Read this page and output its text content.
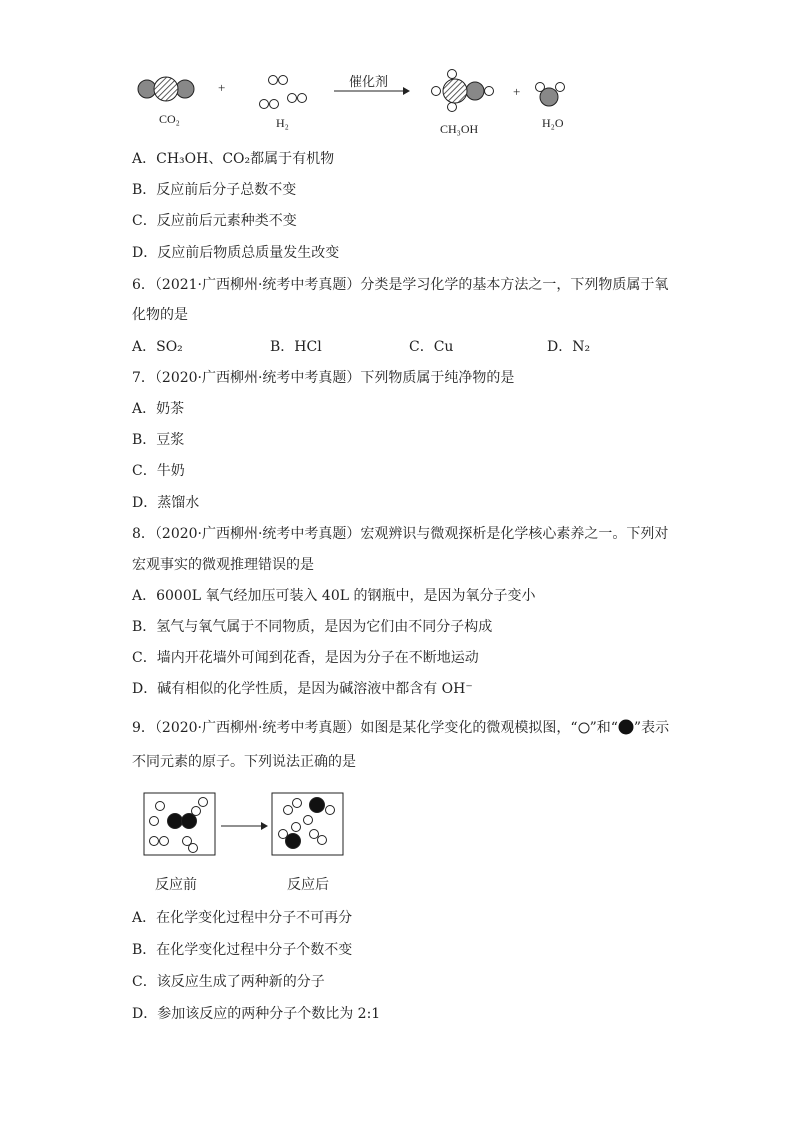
CO₂
+
H₂
催化剂
CH₃OH
+
H₂O
A．CH₃OH、CO₂都属于有机物
B．反应前后分子总数不变
C．反应前后元素种类不变
D．反应前后物质总质量发生改变
6．（2021·广西柳州·统考中考真题）分类是学习化学的基本方法之一，下列物质属于氧
化物的是
A．SO₂	B．HCl	C．Cu	D．N₂
7．（2020·广西柳州·统考中考真题）下列物质属于纯净物的是
A．奶茶
B．豆浆
C．牛奶
D．蒸馏水
8．（2020·广西柳州·统考中考真题）宏观辨识与微观探析是化学核心素养之一。下列对
宏观事实的微观推理错误的是
A．6000L 氧气经加压可装入 40L 的钢瓶中，是因为氧分子变小
B．氢气与氧气属于不同物质，是因为它们由不同分子构成
C．墙内开花墙外可闻到花香，是因为分子在不断地运动
D．碱有相似的化学性质，是因为碱溶液中都含有 OH⁻
9．（2020·广西柳州·统考中考真题）如图是某化学变化的微观模拟图，“ ”和“ ”表示
不同元素的原子。下列说法正确的是
反应前	反应后
A．在化学变化过程中分子不可再分
B．在化学变化过程中分子个数不变
C．该反应生成了两种新的分子
D．参加该反应的两种分子个数比为 2:1
